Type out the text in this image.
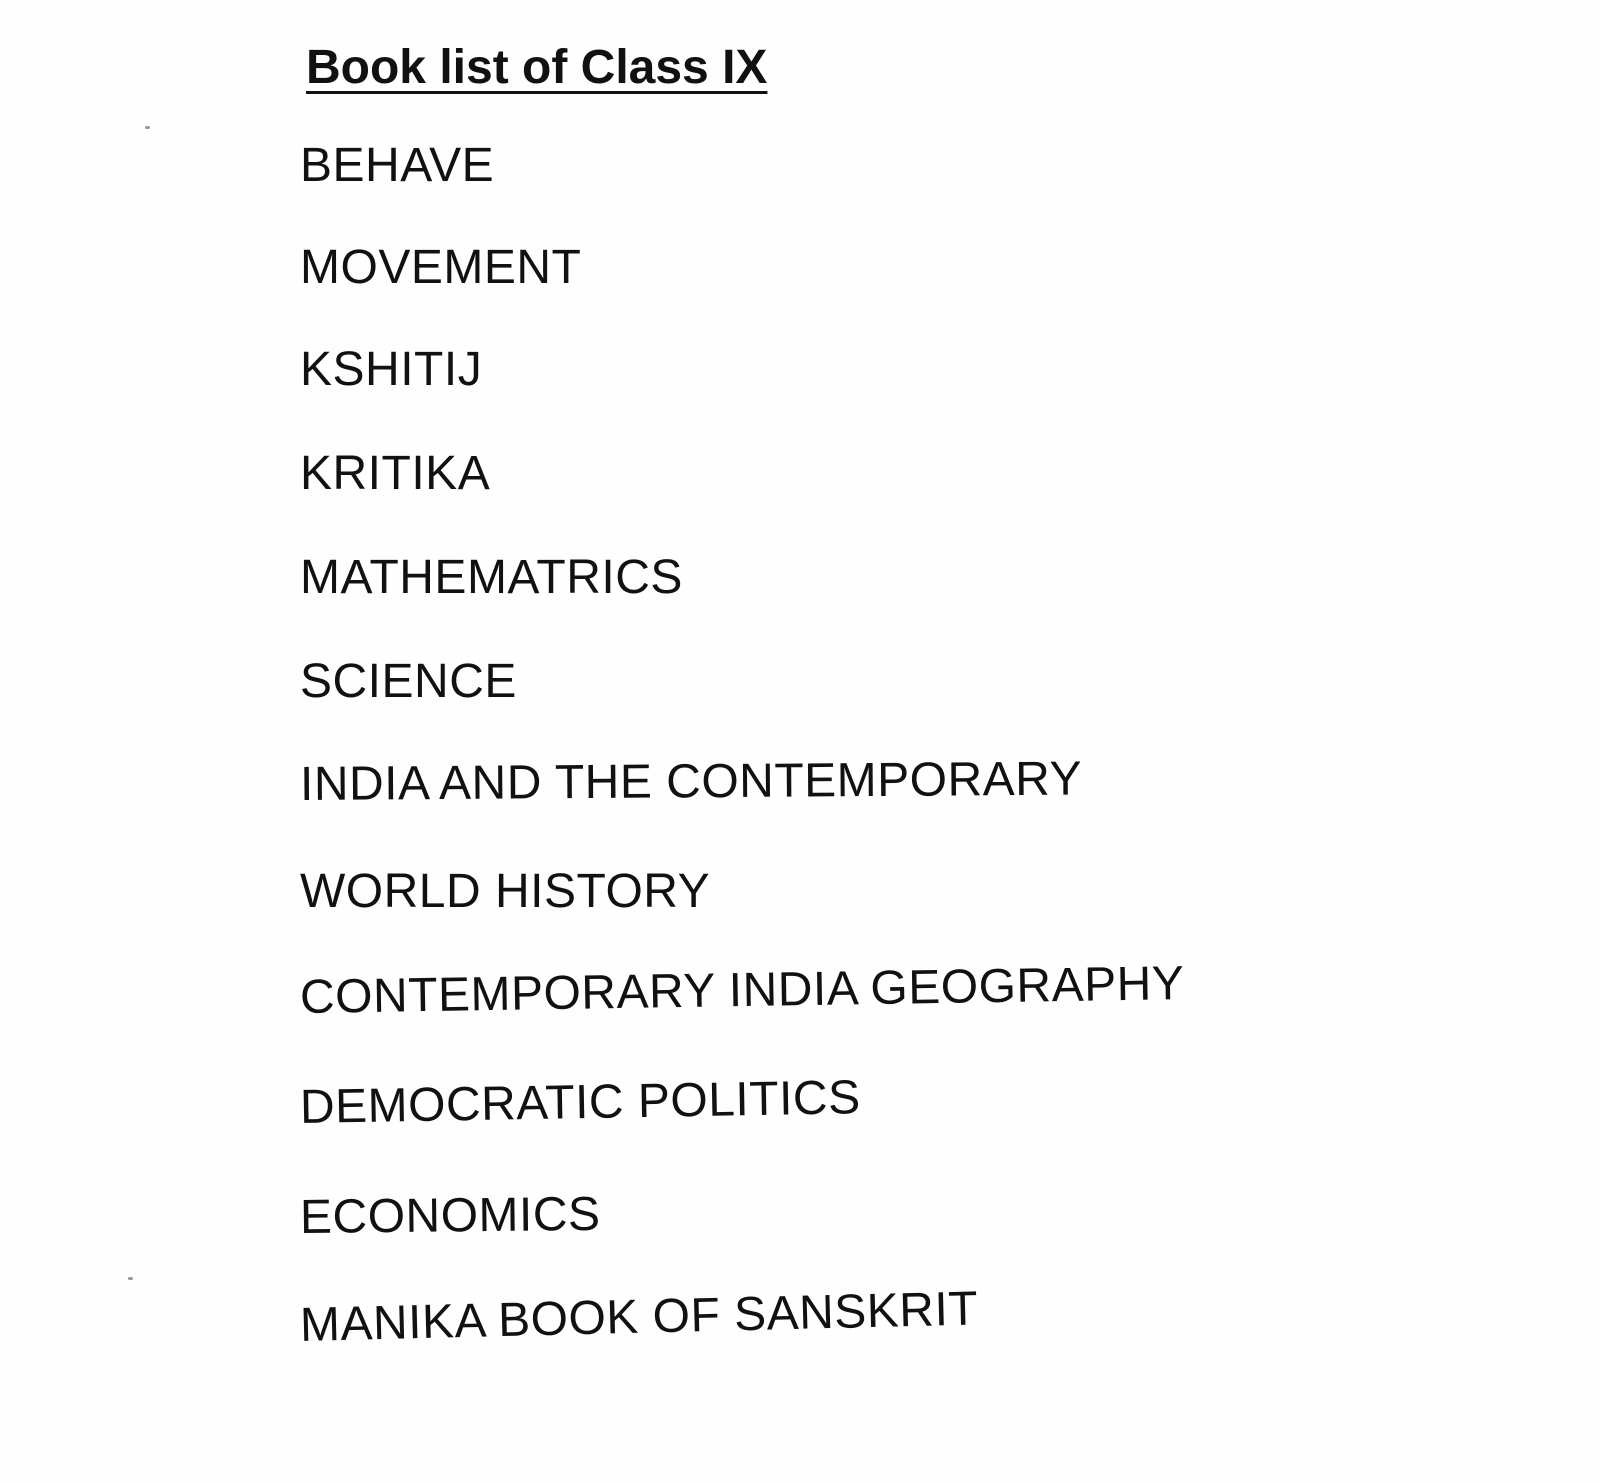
Book list of Class IX
BEHAVE
MOVEMENT
KSHITIJ
KRITIKA
MATHEMATRICS
SCIENCE
INDIA AND THE CONTEMPORARY
WORLD HISTORY
CONTEMPORARY INDIA GEOGRAPHY
DEMOCRATIC POLITICS
ECONOMICS
MANIKA BOOK OF SANSKRIT
